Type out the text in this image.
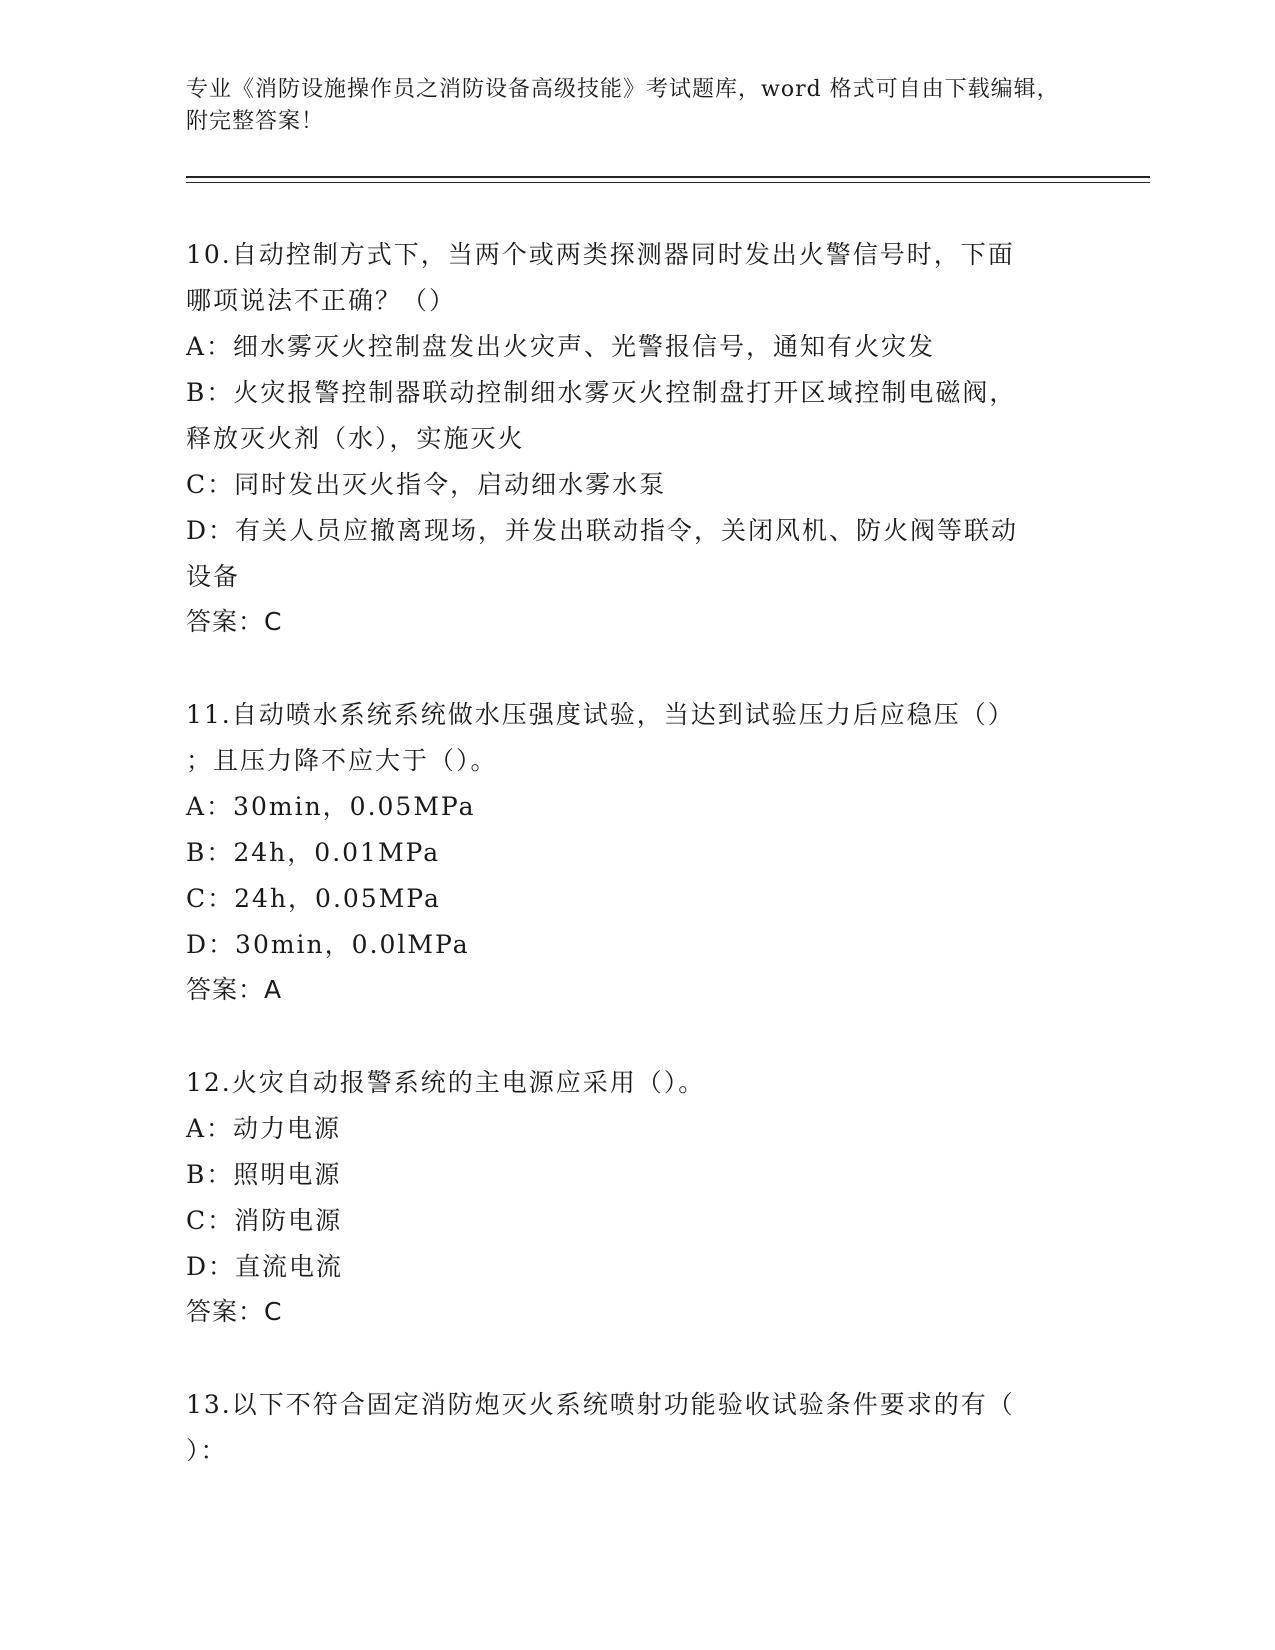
专业《消防设施操作员之消防设备高级技能》考试题库，word 格式可自由下载编辑，附完整答案！
10.自动控制方式下，当两个或两类探测器同时发出火警信号时，下面
哪项说法不正确？（）
A：细水雾灭火控制盘发出火灾声、光警报信号，通知有火灾发
B：火灾报警控制器联动控制细水雾灭火控制盘打开区域控制电磁阀，
释放灭火剂（水），实施灭火
C：同时发出灭火指令，启动细水雾水泵
D：有关人员应撤离现场，并发出联动指令，关闭风机、防火阀等联动
设备
答案：C
11.自动喷水系统系统做水压强度试验，当达到试验压力后应稳压（）
；且压力降不应大于（）。
A：30min，0.05MPa
B：24h，0.01MPa
C：24h，0.05MPa
D：30min，0.0lMPa
答案：A
12.火灾自动报警系统的主电源应采用（）。
A：动力电源
B：照明电源
C：消防电源
D：直流电流
答案：C
13.以下不符合固定消防炮灭火系统喷射功能验收试验条件要求的有（
）：
